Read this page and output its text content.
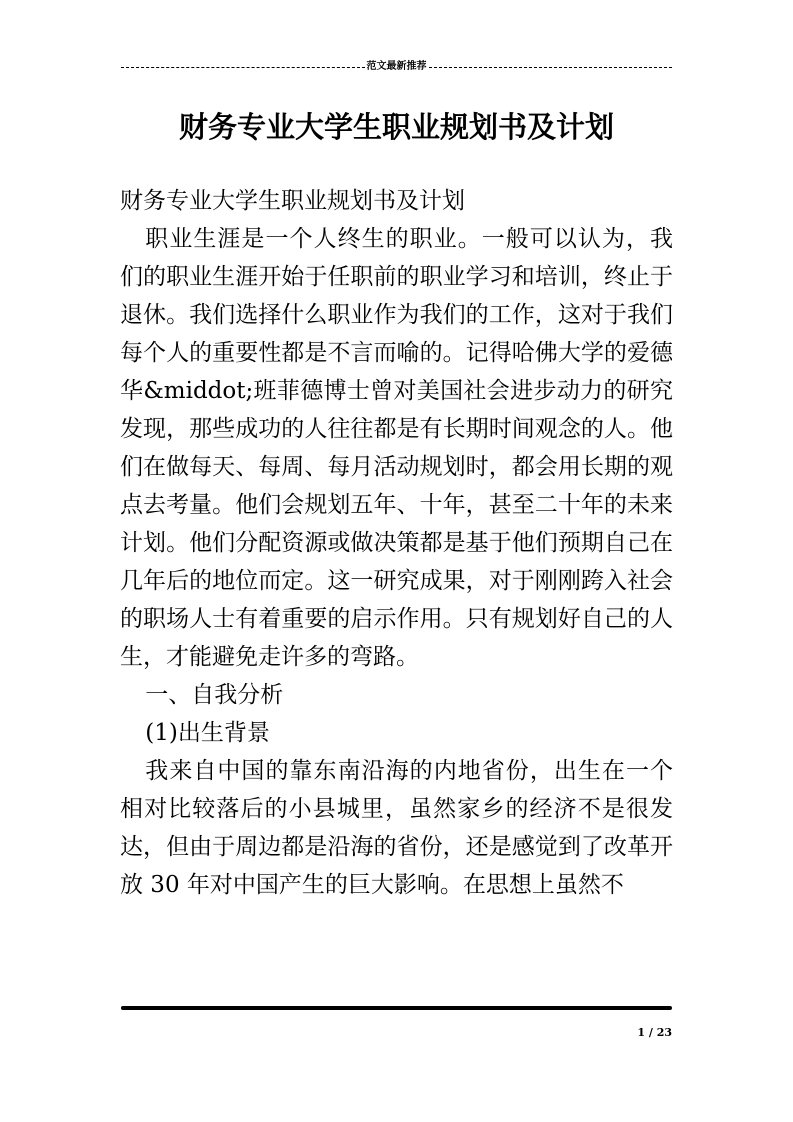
范文最新推荐
财务专业大学生职业规划书及计划

财务专业大学生职业规划书及计划

职业生涯是一个人终生的职业。一般可以认为，我们的职业生涯开始于任职前的职业学习和培训，终止于退休。我们选择什么职业作为我们的工作，这对于我们每个人的重要性都是不言而喻的。记得哈佛大学的爱德华&middot;班菲德博士曾对美国社会进步动力的研究发现，那些成功的人往往都是有长期时间观念的人。他们在做每天、每周、每月活动规划时，都会用长期的观点去考量。他们会规划五年、十年，甚至二十年的未来计划。他们分配资源或做决策都是基于他们预期自己在几年后的地位而定。这一研究成果，对于刚刚跨入社会的职场人士有着重要的启示作用。只有规划好自己的人生，才能避免走许多的弯路。

一、自我分析

(1)出生背景

我来自中国的靠东南沿海的内地省份，出生在一个相对比较落后的小县城里，虽然家乡的经济不是很发达，但由于周边都是沿海的省份，还是感觉到了改革开放 30 年对中国产生的巨大影响。在思想上虽然不

1 / 23
